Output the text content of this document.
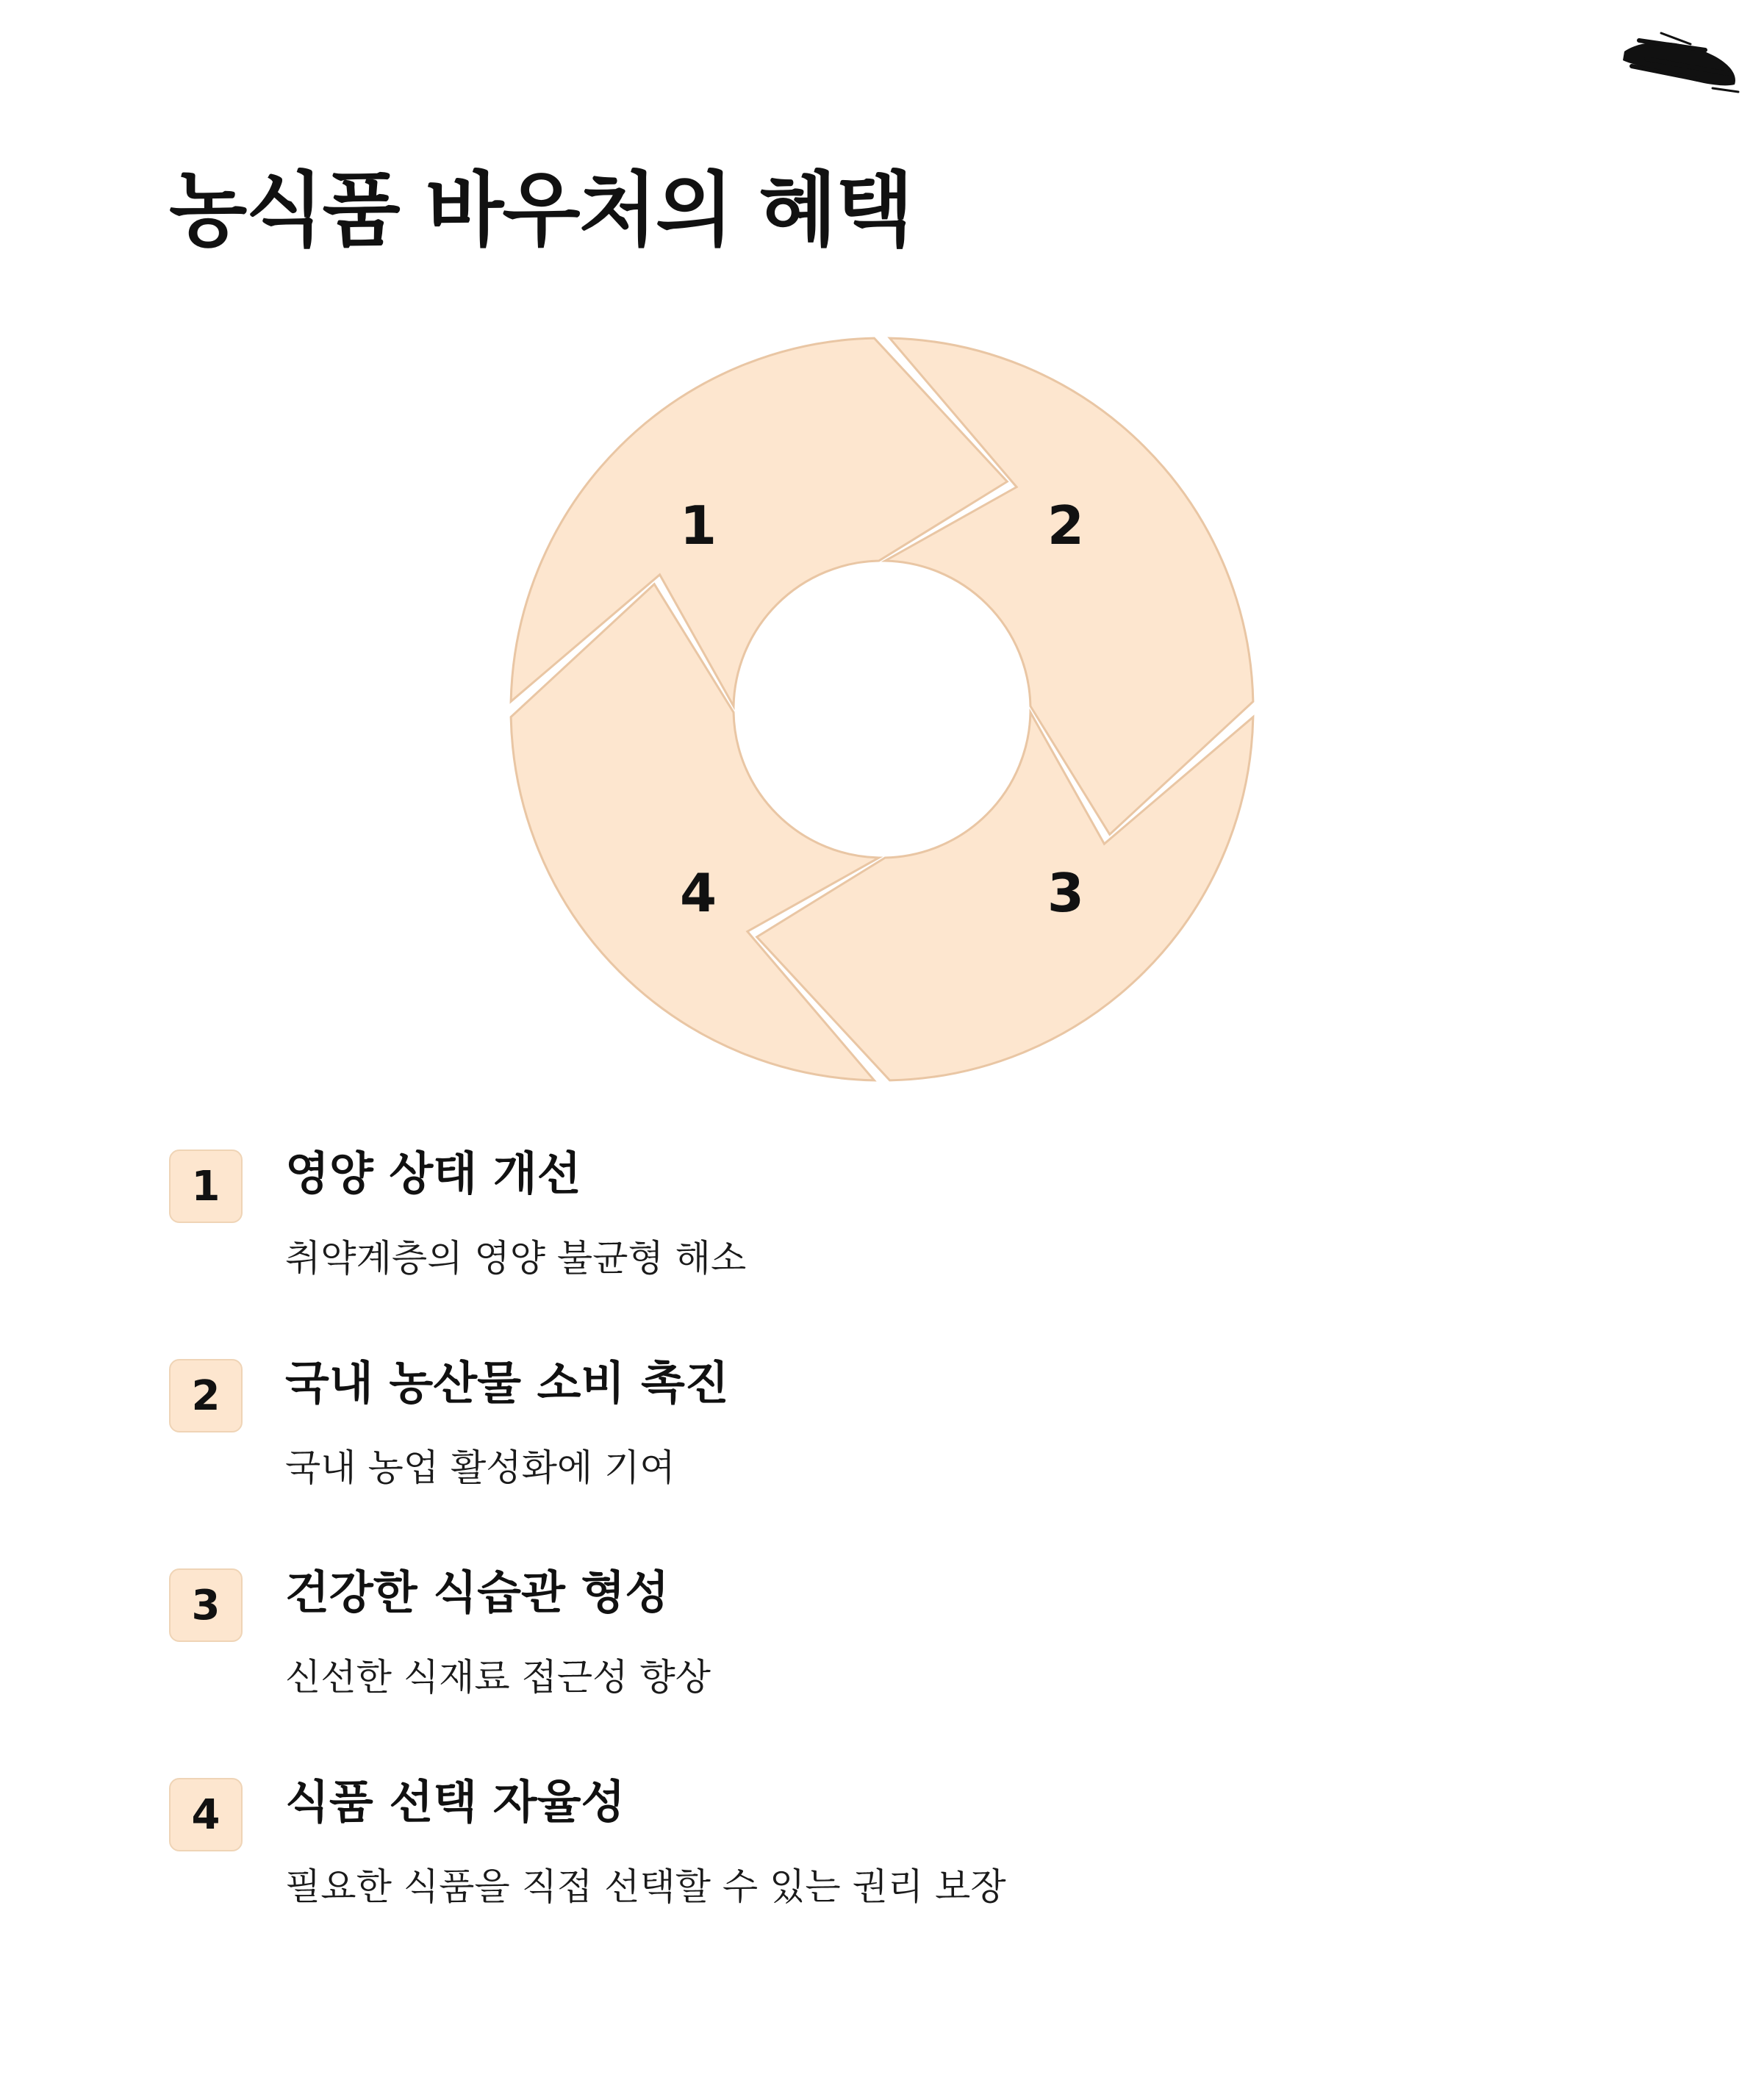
농식품 바우처의 혜택
1	2
3
4
1	영양 상태 개선
취약계층의 영양 불균형 해소
2	국내 농산물 소비 촉진
국내 농업 활성화에 기여
3	건강한 식습관 형성
신선한 식재료 접근성 향상
4	식품 선택 자율성
필요한 식품을 직접 선택할 수 있는 권리 보장
